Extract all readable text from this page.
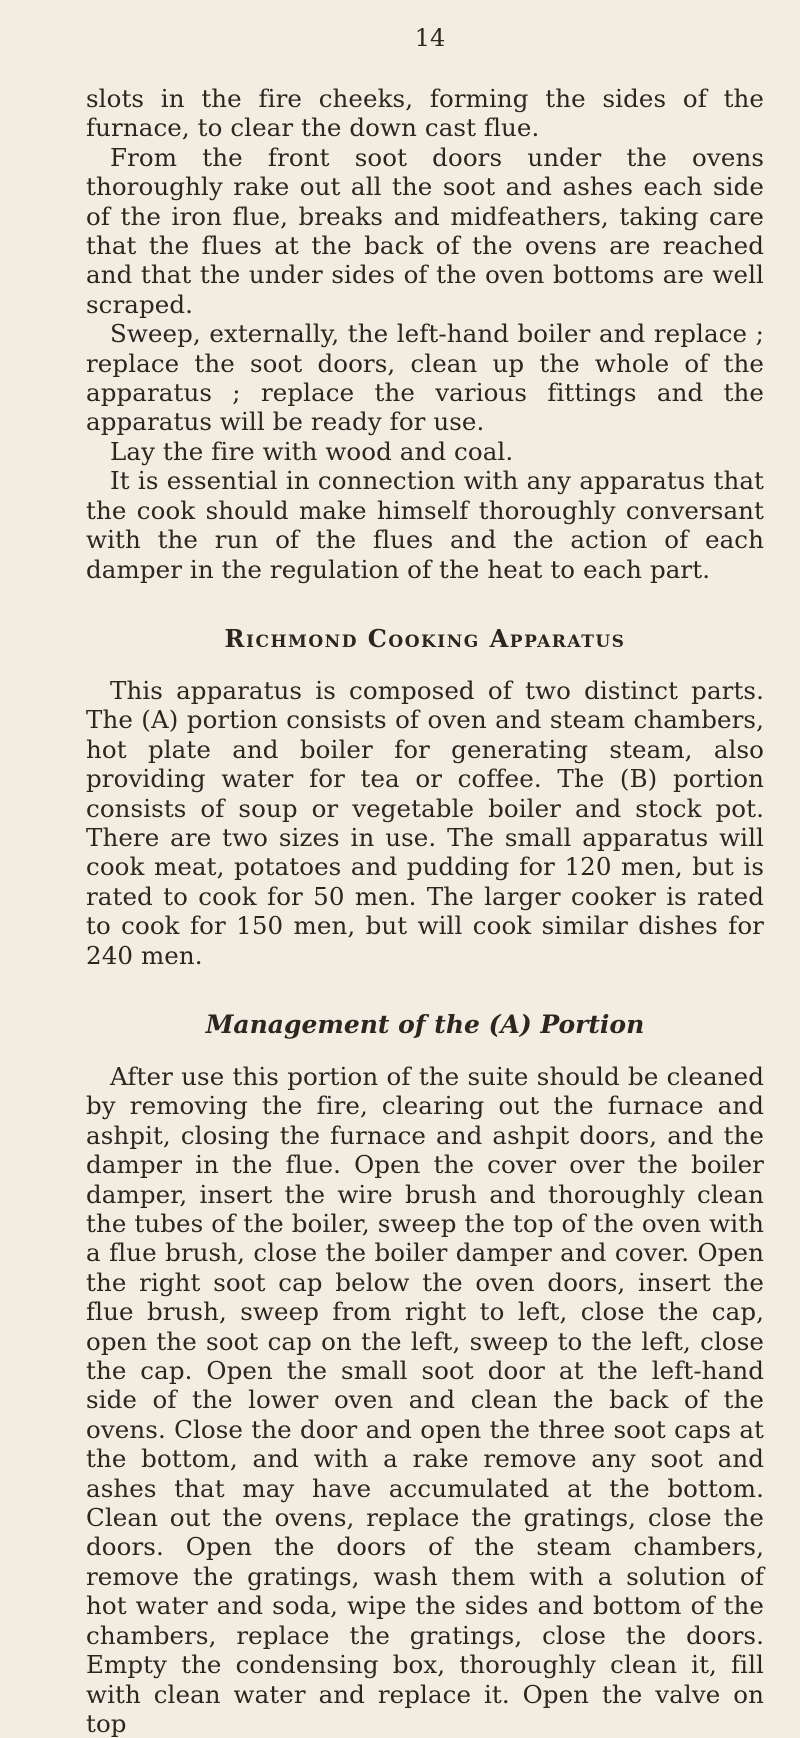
14

slots in the fire cheeks, forming the sides of the furnace, to clear the down cast flue.

From the front soot doors under the ovens thoroughly rake out all the soot and ashes each side of the iron flue, breaks and midfeathers, taking care that the flues at the back of the ovens are reached and that the under sides of the oven bottoms are well scraped.

Sweep, externally, the left-hand boiler and replace ; replace the soot doors, clean up the whole of the apparatus ; replace the various fittings and the apparatus will be ready for use.

Lay the fire with wood and coal.

It is essential in connection with any apparatus that the cook should make himself thoroughly conversant with the run of the flues and the action of each damper in the regulation of the heat to each part.

Richmond Cooking Apparatus

This apparatus is composed of two distinct parts. The (A) portion consists of oven and steam chambers, hot plate and boiler for generating steam, also providing water for tea or coffee. The (B) portion consists of soup or vegetable boiler and stock pot. There are two sizes in use. The small apparatus will cook meat, potatoes and pudding for 120 men, but is rated to cook for 50 men. The larger cooker is rated to cook for 150 men, but will cook similar dishes for 240 men.

Management of the (A) Portion

After use this portion of the suite should be cleaned by removing the fire, clearing out the furnace and ashpit, closing the furnace and ashpit doors, and the damper in the flue. Open the cover over the boiler damper, insert the wire brush and thoroughly clean the tubes of the boiler, sweep the top of the oven with a flue brush, close the boiler damper and cover. Open the right soot cap below the oven doors, insert the flue brush, sweep from right to left, close the cap, open the soot cap on the left, sweep to the left, close the cap. Open the small soot door at the left-hand side of the lower oven and clean the back of the ovens. Close the door and open the three soot caps at the bottom, and with a rake remove any soot and ashes that may have accumulated at the bottom. Clean out the ovens, replace the gratings, close the doors. Open the doors of the steam chambers, remove the gratings, wash them with a solution of hot water and soda, wipe the sides and bottom of the chambers, replace the gratings, close the doors. Empty the condensing box, thoroughly clean it, fill with clean water and replace it. Open the valve on top
